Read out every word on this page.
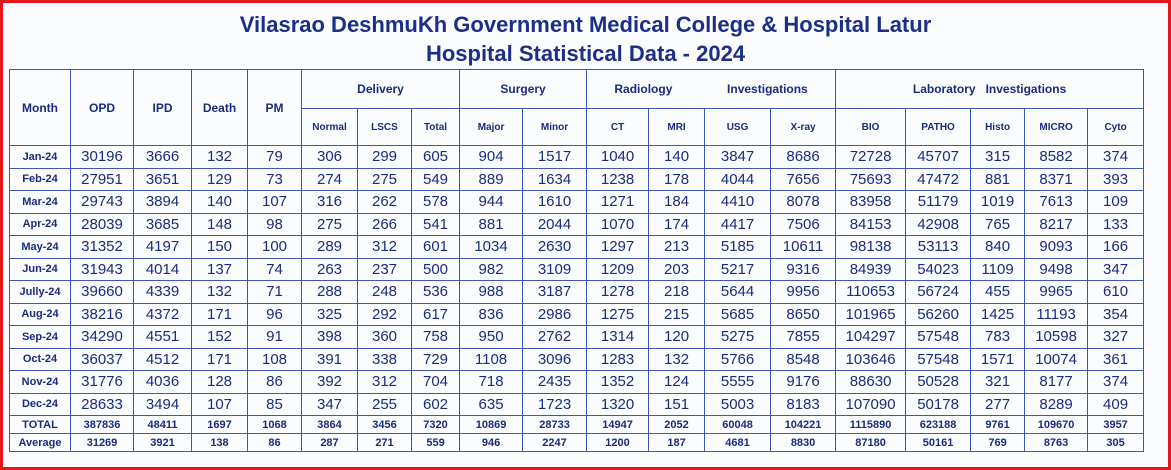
Vilasrao DeshmuKh Government Medical College & Hospital Latur
Hospital Statistical Data - 2024
Month	OPD	IPD	Death	PM	Delivery			Surgery		Radiology Investigations				Laboratory Investigations				
					Normal	LSCS	Total	Major	Minor	CT	MRI	USG	X-ray	BIO	PATHO	Histo	MICRO	Cyto
Jan-24	30196	3666	132	79	306	299	605	904	1517	1040	140	3847	8686	72728	45707	315	8582	374
Feb-24	27951	3651	129	73	274	275	549	889	1634	1238	178	4044	7656	75693	47472	881	8371	393
Mar-24	29743	3894	140	107	316	262	578	944	1610	1271	184	4410	8078	83958	51179	1019	7613	109
Apr-24	28039	3685	148	98	275	266	541	881	2044	1070	174	4417	7506	84153	42908	765	8217	133
May-24	31352	4197	150	100	289	312	601	1034	2630	1297	213	5185	10611	98138	53113	840	9093	166
Jun-24	31943	4014	137	74	263	237	500	982	3109	1209	203	5217	9316	84939	54023	1109	9498	347
Jully-24	39660	4339	132	71	288	248	536	988	3187	1278	218	5644	9956	110653	56724	455	9965	610
Aug-24	38216	4372	171	96	325	292	617	836	2986	1275	215	5685	8650	101965	56260	1425	11193	354
Sep-24	34290	4551	152	91	398	360	758	950	2762	1314	120	5275	7855	104297	57548	783	10598	327
Oct-24	36037	4512	171	108	391	338	729	1108	3096	1283	132	5766	8548	103646	57548	1571	10074	361
Nov-24	31776	4036	128	86	392	312	704	718	2435	1352	124	5555	9176	88630	50528	321	8177	374
Dec-24	28633	3494	107	85	347	255	602	635	1723	1320	151	5003	8183	107090	50178	277	8289	409
TOTAL	387836	48411	1697	1068	3864	3456	7320	10869	28733	14947	2052	60048	104221	1115890	623188	9761	109670	3957
Average	31269	3921	138	86	287	271	559	946	2247	1200	187	4681	8830	87180	50161	769	8763	305
